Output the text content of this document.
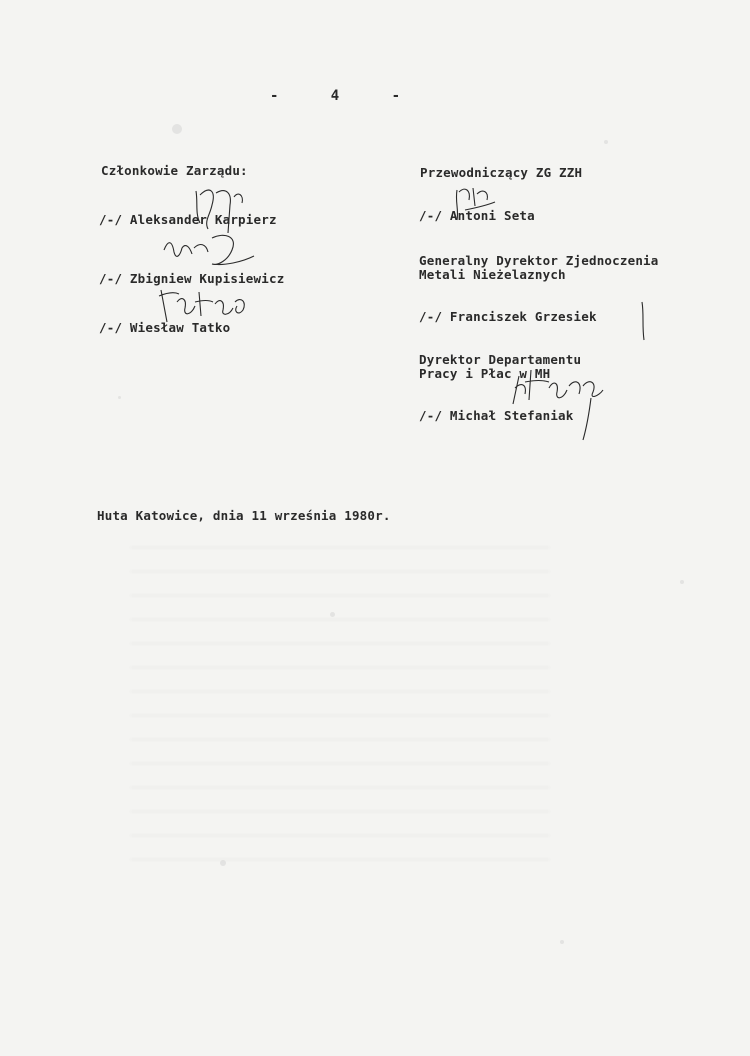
-	4	-
Członkowie Zarządu:
/-/ Aleksander Karpierz
/-/ Zbigniew Kupisiewicz
/-/ Wiesław Tatko
Przewodniczący ZG ZZH
/-/ Antoni Seta
Generalny Dyrektor Zjednoczenia
Metali Nieżelaznych
/-/ Franciszek Grzesiek
Dyrektor Departamentu
Pracy i Płac w MH
/-/ Michał Stefaniak
Huta Katowice, dnia 11 września 1980r.
